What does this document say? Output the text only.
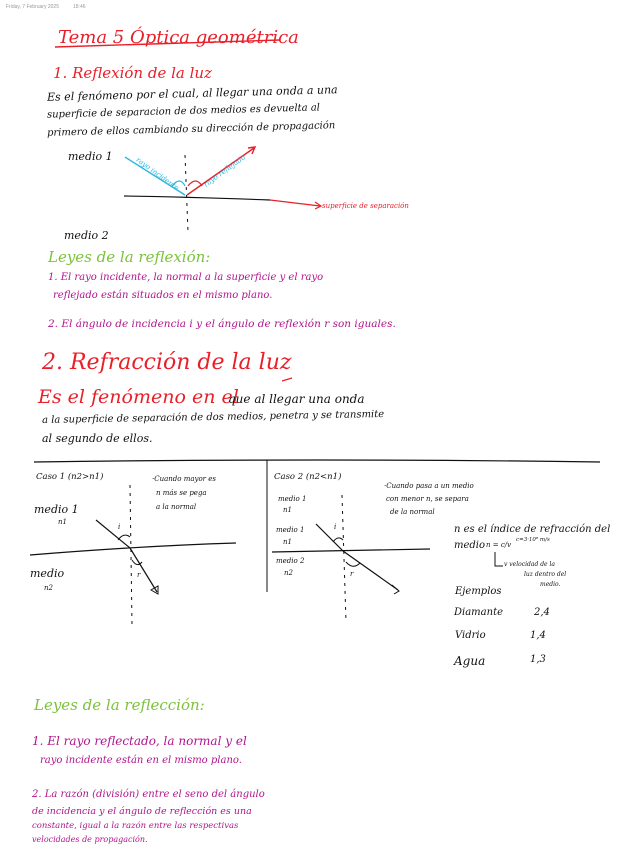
Friday, 7 February 2025	18:46
Tema 5 Óptica geométrica
1. Reflexión de la luz
Es el fenómeno por el cual, al llegar una onda a una
superficie de separacion de dos medios es devuelta al
primero de ellos cambiando su dirección de propagación
medio 1
medio 2
rayo incidente	rayo reflejado
superficie de separación
Leyes de la reflexión:
1. El rayo incidente, la normal a la superficie y el rayo
reflejado están situados en el mismo plano.
2. El ángulo de incidencia i y el ángulo de reflexión r son iguales.
2. Refracción de la luz
Es el fenómeno en el
que al llegar una onda
a la superficie de separación de dos medios, penetra y se transmite
al segundo de ellos.
Caso 1 (n2>n1)	·Cuando mayor es
n más se pega
a la normal
medio 1
n1
medio
n2
i
r
Caso 2 (n2<n1)
·Cuando pasa a un medio
con menor n, se separa
de la normal
medio 1
n1
medio 1
n1
medio 2
n2
i
r
n es el índice de refracción del
medio n = c/v
c=3·10⁸ m/s
v velocidad de la
luz dentro del
medio.
Ejemplos
Diamante	2,4
Vidrio	1,4
Agua	1,3
Leyes de la reflección:
1. El rayo reflectado, la normal y el
rayo incidente están en el mismo plano.
2. La razón (división) entre el seno del ángulo
de incidencia y el ángulo de reflección es una
constante, igual a la razón entre las respectivas
velocidades de propagación.
